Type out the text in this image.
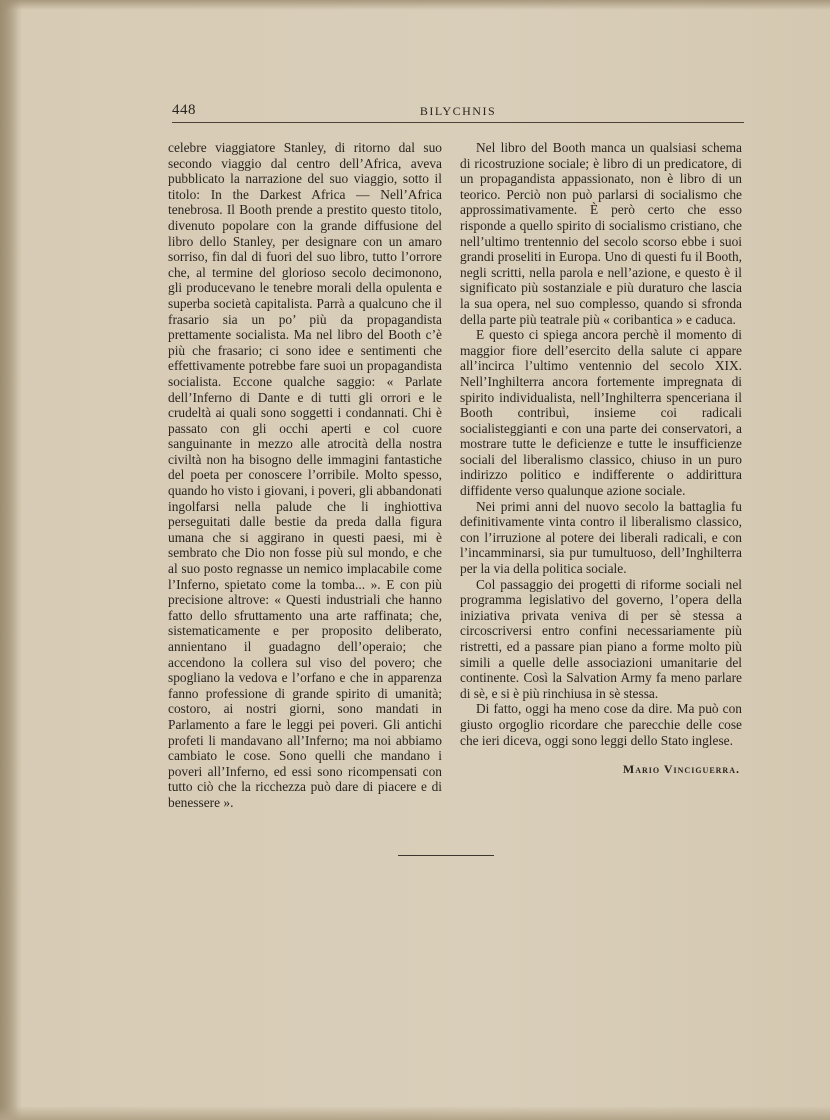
448	BILYCHNIS

celebre viaggiatore Stanley, di ritorno dal suo secondo viaggio dal centro dell’Africa, aveva pubblicato la narrazione del suo viaggio, sotto il titolo: In the Darkest Africa — Nell’Africa tenebrosa. Il Booth prende a prestito questo titolo, divenuto popolare con la grande diffusione del libro dello Stanley, per designare con un amaro sorriso, fin dal di fuori del suo libro, tutto l’orrore che, al termine del glorioso secolo decimonono, gli producevano le tenebre morali della opulenta e superba società capitalista. Parrà a qualcuno che il frasario sia un po’ più da propagandista prettamente socialista. Ma nel libro del Booth c’è più che frasario; ci sono idee e sentimenti che effettivamente potrebbe fare suoi un propagandista socialista. Eccone qualche saggio: « Parlate dell’Inferno di Dante e di tutti gli orrori e le crudeltà ai quali sono soggetti i condannati. Chi è passato con gli occhi aperti e col cuore sanguinante in mezzo alle atrocità della nostra civiltà non ha bisogno delle immagini fantastiche del poeta per conoscere l’orribile. Molto spesso, quando ho visto i giovani, i poveri, gli abbandonati ingolfarsi nella palude che li inghiottiva perseguitati dalle bestie da preda dalla figura umana che si aggirano in questi paesi, mi è sembrato che Dio non fosse più sul mondo, e che al suo posto regnasse un nemico implacabile come l’Inferno, spietato come la tomba... ». E con più precisione altrove: « Questi industriali che hanno fatto dello sfruttamento una arte raffinata; che, sistematicamente e per proposito deliberato, annientano il guadagno dell’operaio; che accendono la collera sul viso del povero; che spogliano la vedova e l’orfano e che in apparenza fanno professione di grande spirito di umanità; costoro, ai nostri giorni, sono mandati in Parlamento a fare le leggi pei poveri. Gli antichi profeti li mandavano all’Inferno; ma noi abbiamo cambiato le cose. Sono quelli che mandano i poveri all’Inferno, ed essi sono ricompensati con tutto ciò che la ricchezza può dare di piacere e di benessere ».

Nel libro del Booth manca un qualsiasi schema di ricostruzione sociale; è libro di un predicatore, di un propagandista appassionato, non è libro di un teorico. Perciò non può parlarsi di socialismo che approssimativamente. È però certo che esso risponde a quello spirito di socialismo cristiano, che nell’ultimo trentennio del secolo scorso ebbe i suoi grandi proseliti in Europa. Uno di questi fu il Booth, negli scritti, nella parola e nell’azione, e questo è il significato più sostanziale e più duraturo che lascia la sua opera, nel suo complesso, quando si sfronda della parte più teatrale più « coribantica » e caduca.

E questo ci spiega ancora perchè il momento di maggior fiore dell’esercito della salute ci appare all’incirca l’ultimo ventennio del secolo XIX. Nell’Inghilterra ancora fortemente impregnata di spirito individualista, nell’Inghilterra spenceriana il Booth contribuì, insieme coi radicali socialisteggianti e con una parte dei conservatori, a mostrare tutte le deficienze e tutte le insufficienze sociali del liberalismo classico, chiuso in un puro indirizzo politico e indifferente o addirittura diffidente verso qualunque azione sociale.

Nei primi anni del nuovo secolo la battaglia fu definitivamente vinta contro il liberalismo classico, con l’irruzione al potere dei liberali radicali, e con l’incamminarsi, sia pur tumultuoso, dell’Inghilterra per la via della politica sociale.

Col passaggio dei progetti di riforme sociali nel programma legislativo del governo, l’opera della iniziativa privata veniva di per sè stessa a circoscriversi entro confini necessariamente più ristretti, ed a passare pian piano a forme molto più simili a quelle delle associazioni umanitarie del continente. Così la Salvation Army fa meno parlare di sè, e si è più rinchiusa in sè stessa.

Di fatto, oggi ha meno cose da dire. Ma può con giusto orgoglio ricordare che parecchie delle cose che ieri diceva, oggi sono leggi dello Stato inglese.

Mario Vinciguerra.
